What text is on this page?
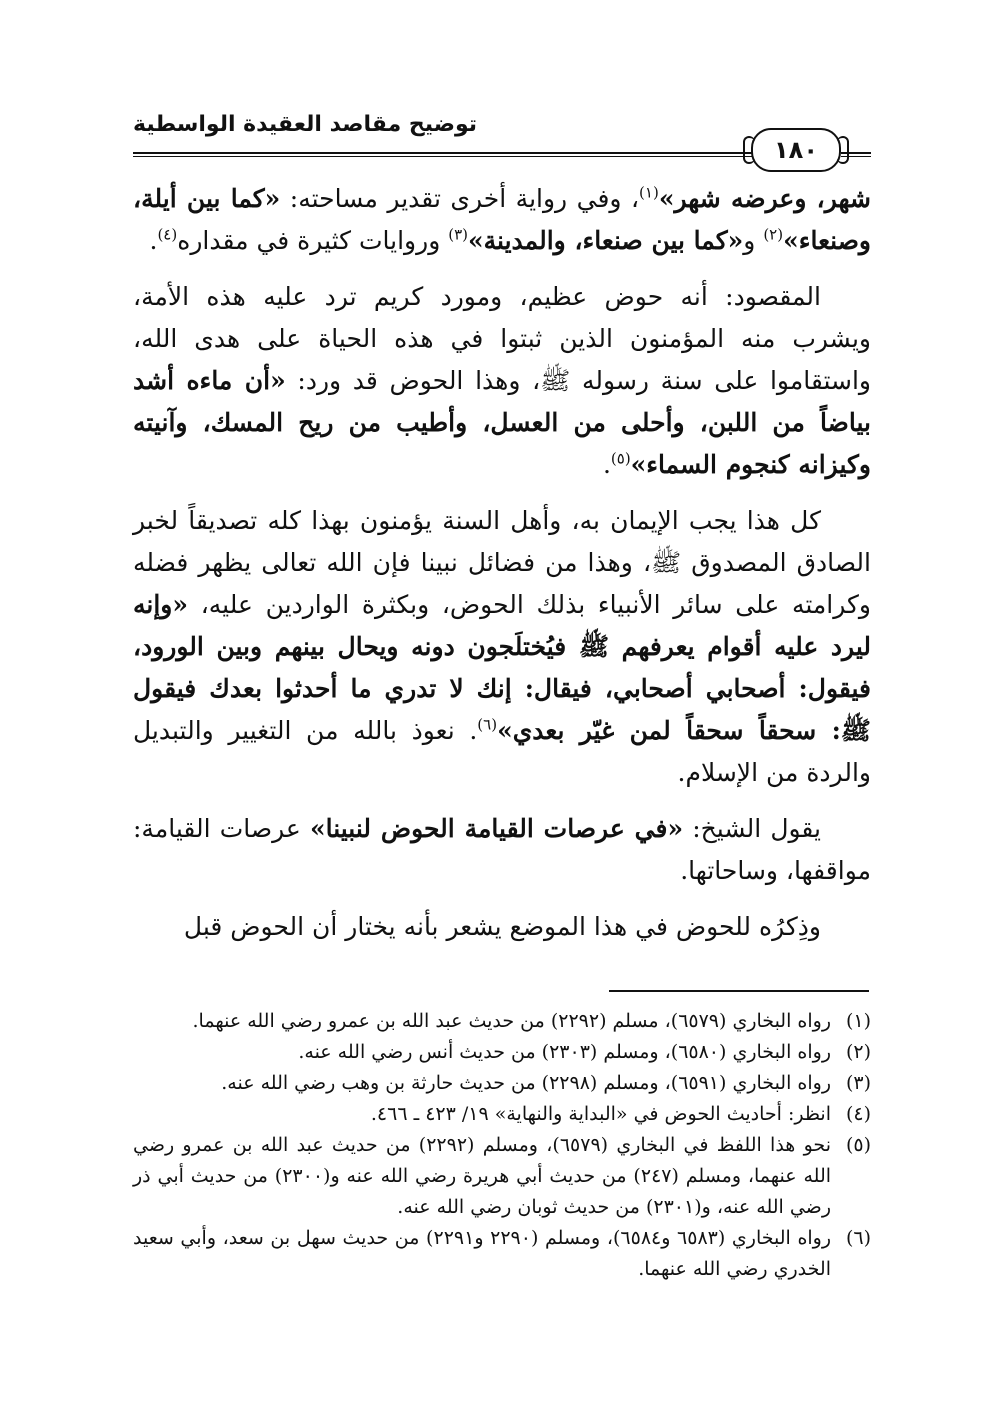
توضيح مقاصد العقيدة الواسطية
١٨٠

شهر، وعرضه شهر»$^{(١)}$، وفي رواية أخرى تقدير مساحته: «كما بين أيلة، وصنعاء»$^{(٢)}$ و«كما بين صنعاء، والمدينة»$^{(٣)}$ وروايات كثيرة في مقداره$^{(٤)}$.

المقصود: أنه حوض عظيم، ومورد كريم ترد عليه هذه الأمة، ويشرب منه المؤمنون الذين ثبتوا في هذه الحياة على هدى الله، واستقاموا على سنة رسوله ﷺ، وهذا الحوض قد ورد: «أن ماءه أشد بياضاً من اللبن، وأحلى من العسل، وأطيب من ريح المسك، وآنيته وكيزانه كنجوم السماء»$^{(٥)}$.

كل هذا يجب الإيمان به، وأهل السنة يؤمنون بهذا كله تصديقاً لخبر الصادق المصدوق ﷺ، وهذا من فضائل نبينا فإن الله تعالى يظهر فضله وكرامته على سائر الأنبياء بذلك الحوض، وبكثرة الواردين عليه، «وإنه ليرد عليه أقوام يعرفهم ﷺ فيُختلَجون دونه ويحال بينهم وبين الورود، فيقول: أصحابي أصحابي، فيقال: إنك لا تدري ما أحدثوا بعدك فيقول ﷺ: سحقاً سحقاً لمن غيّر بعدي»$^{(٦)}$. نعوذ بالله من التغيير والتبديل والردة من الإسلام.

يقول الشيخ: «في عرصات القيامة الحوض لنبينا» عرصات القيامة: مواقفها، وساحاتها.

وذِكرُه للحوض في هذا الموضع يشعر بأنه يختار أن الحوض قبل

(١)
رواه البخاري (٦٥٧٩)، مسلم (٢٢٩٢) من حديث عبد الله بن عمرو رضي الله عنهما.
(٢)
رواه البخاري (٦٥٨٠)، ومسلم (٢٣٠٣) من حديث أنس رضي الله عنه.
(٣)
رواه البخاري (٦٥٩١)، ومسلم (٢٢٩٨) من حديث حارثة بن وهب رضي الله عنه.
(٤)
انظر: أحاديث الحوض في «البداية والنهاية» ١٩/ ٤٢٣ ـ ٤٦٦.
(٥)
نحو هذا اللفظ في البخاري (٦٥٧٩)، ومسلم (٢٢٩٢) من حديث عبد الله بن عمرو رضي الله عنهما، ومسلم (٢٤٧) من حديث أبي هريرة رضي الله عنه و(٢٣٠٠) من حديث أبي ذر رضي الله عنه، و(٢٣٠١) من حديث ثوبان رضي الله عنه.
(٦)
رواه البخاري (٦٥٨٣ و٦٥٨٤)، ومسلم (٢٢٩٠ و٢٢٩١) من حديث سهل بن سعد، وأبي سعيد الخدري رضي الله عنهما.
